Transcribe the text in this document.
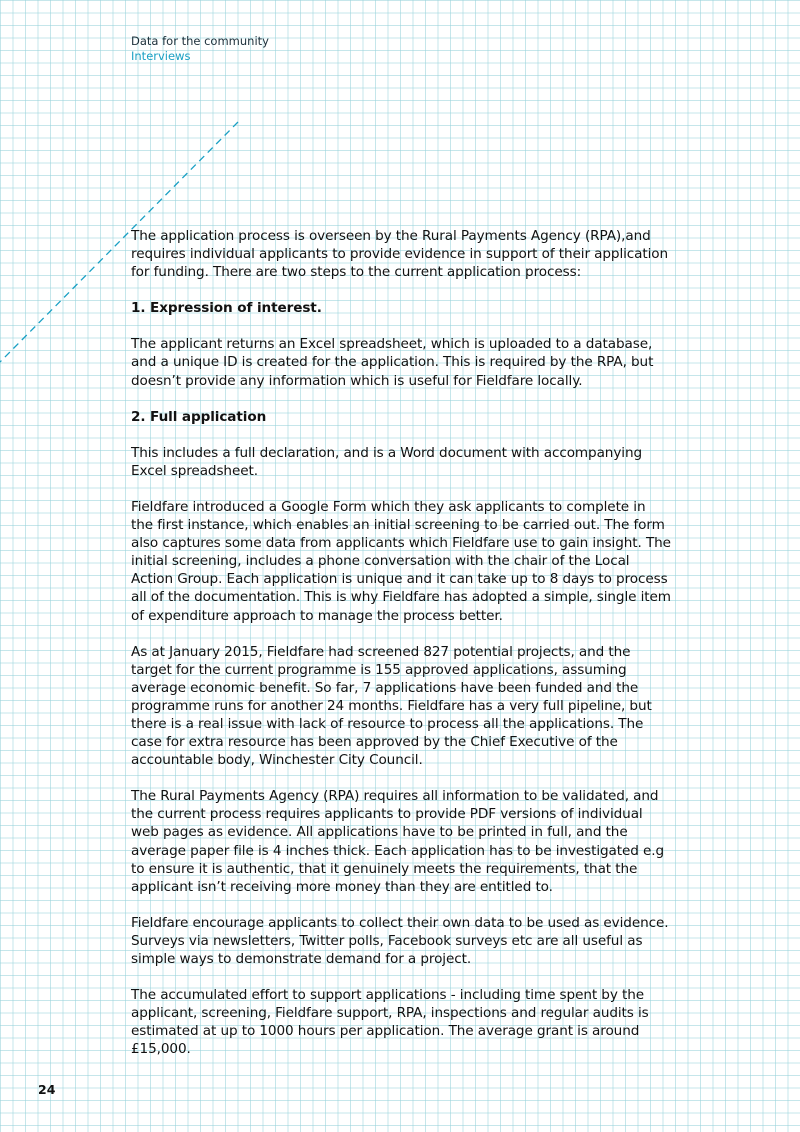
Data for the community
Interviews

The application process is overseen by the Rural Payments Agency (RPA),and requires individual applicants to provide evidence in support of their application for funding. There are two steps to the current application process:

1. Expression of interest.

The applicant returns an Excel spreadsheet, which is uploaded to a database, and a unique ID is created for the application. This is required by the RPA, but doesn’t provide any information which is useful for Fieldfare locally.

2. Full application

This includes a full declaration, and is a Word document with accompanying Excel spreadsheet.

Fieldfare introduced a Google Form which they ask applicants to complete in the first instance, which enables an initial screening to be carried out. The form also captures some data from applicants which Fieldfare use to gain insight. The initial screening, includes a phone conversation with the chair of the Local Action Group. Each application is unique and it can take up to 8 days to process all of the documentation. This is why Fieldfare has adopted a simple, single item of expenditure approach to manage the process better.

As at January 2015, Fieldfare had screened 827 potential projects, and the target for the current programme is 155 approved applications, assuming average economic benefit. So far, 7 applications have been funded and the programme runs for another 24 months. Fieldfare has a very full pipeline, but there is a real issue with lack of resource to process all the applications. The case for extra resource has been approved by the Chief Executive of the accountable body, Winchester City Council.

The Rural Payments Agency (RPA) requires all information to be validated, and the current process requires applicants to provide PDF versions of individual web pages as evidence. All applications have to be printed in full, and the average paper file is 4 inches thick. Each application has to be investigated e.g to ensure it is authentic, that it genuinely meets the requirements, that the applicant isn’t receiving more money than they are entitled to.

Fieldfare encourage applicants to collect their own data to be used as evidence. Surveys via newsletters, Twitter polls, Facebook surveys etc are all useful as simple ways to demonstrate demand for a project.

The accumulated effort to support applications - including time spent by the applicant, screening, Fieldfare support, RPA, inspections and regular audits is estimated at up to 1000 hours per application. The average grant is around £15,000.

24
